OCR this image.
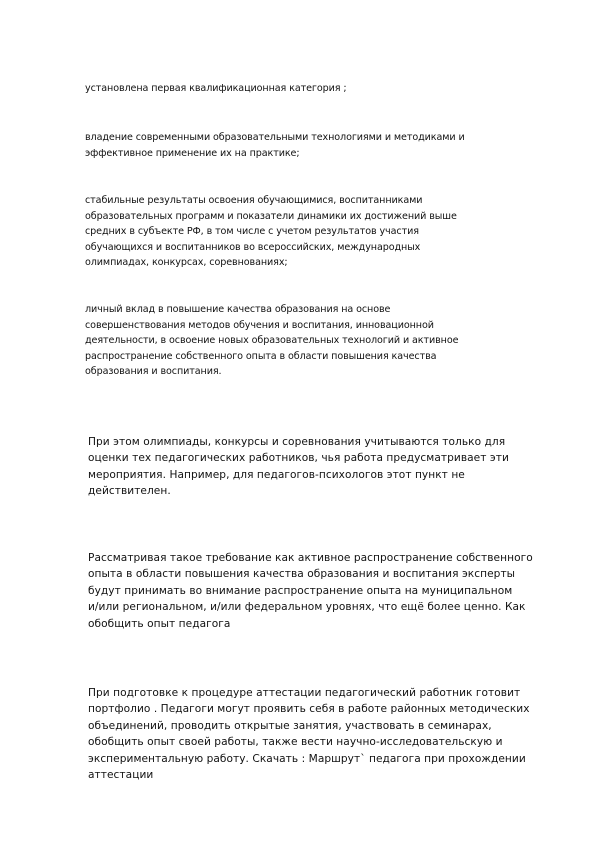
установлена первая квалификационная категория ;

владение современными образовательными технологиями и методиками и
эффективное применение их на практике;

стабильные результаты освоения обучающимися, воспитанниками
образовательных программ и показатели динамики их достижений выше
средних в субъекте РФ, в том числе с учетом результатов участия
обучающихся и воспитанников во всероссийских, международных
олимпиадах, конкурсах, соревнованиях;

личный вклад в повышение качества образования на основе
совершенствования методов обучения и воспитания, инновационной
деятельности, в освоение новых образовательных технологий и активное
распространение собственного опыта в области повышения качества
образования и воспитания.

При этом олимпиады, конкурсы и соревнования учитываются только для
оценки тех педагогических работников, чья работа предусматривает эти
мероприятия. Например, для педагогов-психологов этот пункт не
действителен.

Рассматривая такое требование как активное распространение собственного
опыта в области повышения качества образования и воспитания эксперты
будут принимать во внимание распространение опыта на муниципальном
и/или региональном, и/или федеральном уровнях, что ещё более ценно. Как
обобщить опыт педагога

При подготовке к процедуре аттестации педагогический работник готовит
портфолио . Педагоги могут проявить себя в работе районных методических
объединений, проводить открытые занятия, участвовать в семинарах,
обобщить опыт своей работы, также вести научно-исследовательскую и
экспериментальную работу. Скачать : Маршрут` педагога при прохождении
аттестации
